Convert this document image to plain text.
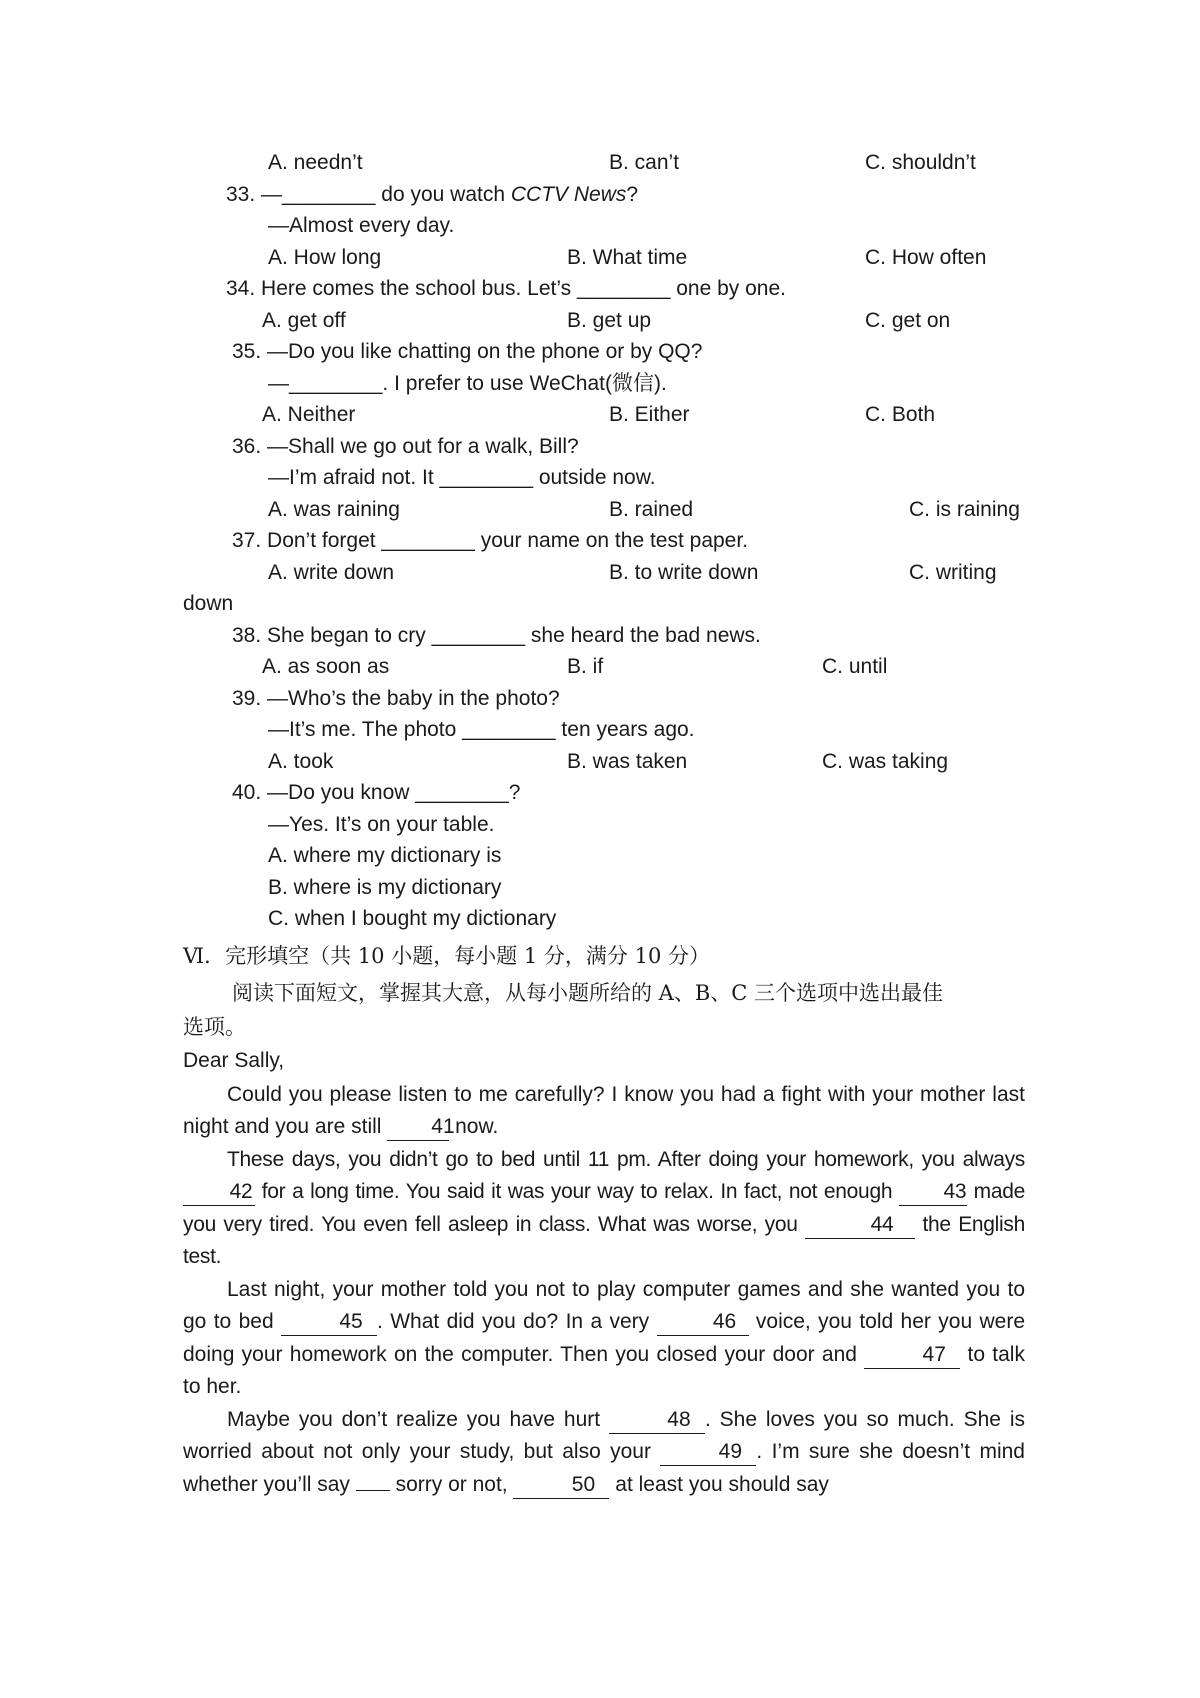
A. needn’t	B. can’t	C. shouldn’t
33. —________ do you watch CCTV News?
—Almost every day.
A. How long	B. What time	C. How often
34. Here comes the school bus. Let’s ________ one by one.
A. get off	B. get up	C. get on
35. —Do you like chatting on the phone or by QQ?
—________. I prefer to use WeChat(微信).
A. Neither	B. Either	C. Both
36. —Shall we go out for a walk, Bill?
—I’m afraid not. It ________ outside now.
A. was raining	B. rained	C. is raining
37. Don’t forget ________ your name on the test paper.
A. write down	B. to write down	C. writing
down
38. She began to cry ________ she heard the bad news.
A. as soon as	B. if	C. until
39. —Who’s the baby in the photo?
—It’s me. The photo ________ ten years ago.
A. took	B. was taken	C. was taking
40. —Do you know ________?
—Yes. It’s on your table.
A. where my dictionary is
B. where is my dictionary
C. when I bought my dictionary
Ⅵ．完形填空（共 10 小题，每小题 1 分，满分 10 分）
阅读下面短文，掌握其大意，从每小题所给的 A、B、C 三个选项中选出最佳
选项。
Dear Sally,
Could you please listen to me carefully? I know you had a fight with your mother last night and you are still 41 now.
These days, you didn’t go to bed until 11 pm. After doing your homework, you always 42 for a long time. You said it was your way to relax. In fact, not enough 43 made you very tired. You even fell asleep in class. What was worse, you	44 the English test.
Last night, your mother told you not to play computer games and she wanted you to go to bed	45 . What did you do? In a very	46 voice, you told her you were doing your homework on the computer. Then you closed your door and	47 to talk to her.
Maybe you don’t realize you have hurt	48 . She loves you so much. She is worried about not only your study, but also your	49 . I’m sure she doesn’t mind whether you’ll say  sorry or not,	50 at least you should say
